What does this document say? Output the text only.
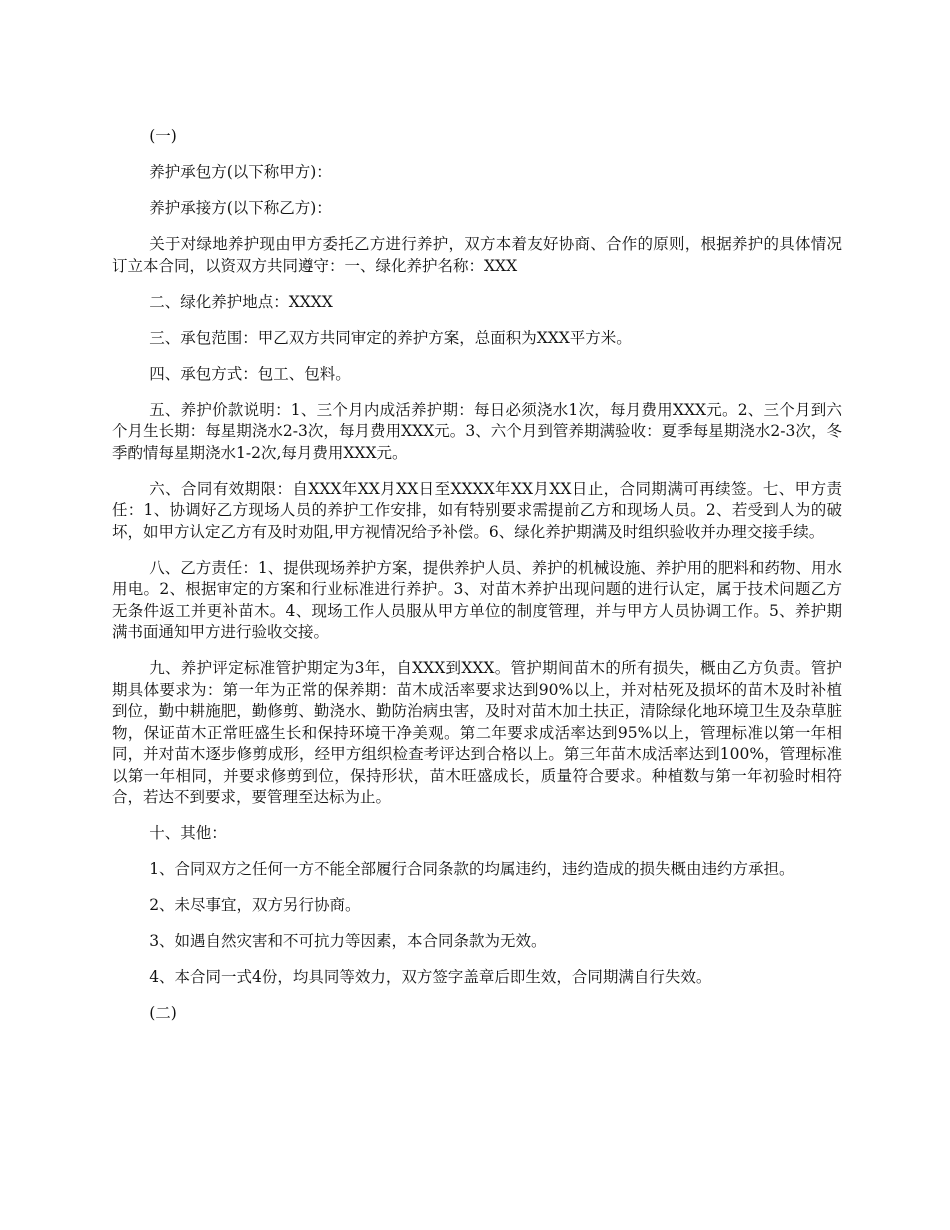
(一)

养护承包方(以下称甲方)：

养护承接方(以下称乙方)：

关于对绿地养护现由甲方委托乙方进行养护，双方本着友好协商、合作的原则，根据养护的具体情况订立本合同，以资双方共同遵守：一、绿化养护名称：XXX

二、绿化养护地点：XXXX

三、承包范围：甲乙双方共同审定的养护方案，总面积为XXX平方米。

四、承包方式：包工、包料。

五、养护价款说明：1、三个月内成活养护期：每日必须浇水1次，每月费用XXX元。2、三个月到六个月生长期：每星期浇水2-3次，每月费用XXX元。3、六个月到管养期满验收：夏季每星期浇水2-3次，冬季酌情每星期浇水1-2次,每月费用XXX元。

六、合同有效期限：自XXX年XX月XX日至XXXX年XX月XX日止，合同期满可再续签。七、甲方责任：1、协调好乙方现场人员的养护工作安排，如有特别要求需提前乙方和现场人员。2、若受到人为的破坏，如甲方认定乙方有及时劝阻,甲方视情况给予补偿。6、绿化养护期满及时组织验收并办理交接手续。

八、乙方责任：1、提供现场养护方案，提供养护人员、养护的机械设施、养护用的肥料和药物、用水用电。2、根据审定的方案和行业标准进行养护。3、对苗木养护出现问题的进行认定，属于技术问题乙方无条件返工并更补苗木。4、现场工作人员服从甲方单位的制度管理，并与甲方人员协调工作。5、养护期满书面通知甲方进行验收交接。

九、养护评定标准管护期定为3年，自XXX到XXX。管护期间苗木的所有损失，概由乙方负责。管护期具体要求为：第一年为正常的保养期：苗木成活率要求达到90%以上，并对枯死及损坏的苗木及时补植到位，勤中耕施肥，勤修剪、勤浇水、勤防治病虫害，及时对苗木加土扶正，清除绿化地环境卫生及杂草脏物，保证苗木正常旺盛生长和保持环境干净美观。第二年要求成活率达到95%以上，管理标准以第一年相同，并对苗木逐步修剪成形，经甲方组织检查考评达到合格以上。第三年苗木成活率达到100%，管理标准以第一年相同，并要求修剪到位，保持形状，苗木旺盛成长，质量符合要求。种植数与第一年初验时相符合，若达不到要求，要管理至达标为止。

十、其他：

1、合同双方之任何一方不能全部履行合同条款的均属违约，违约造成的损失概由违约方承担。

2、未尽事宜，双方另行协商。

3、如遇自然灾害和不可抗力等因素，本合同条款为无效。

4、本合同一式4份，均具同等效力，双方签字盖章后即生效，合同期满自行失效。

(二)
